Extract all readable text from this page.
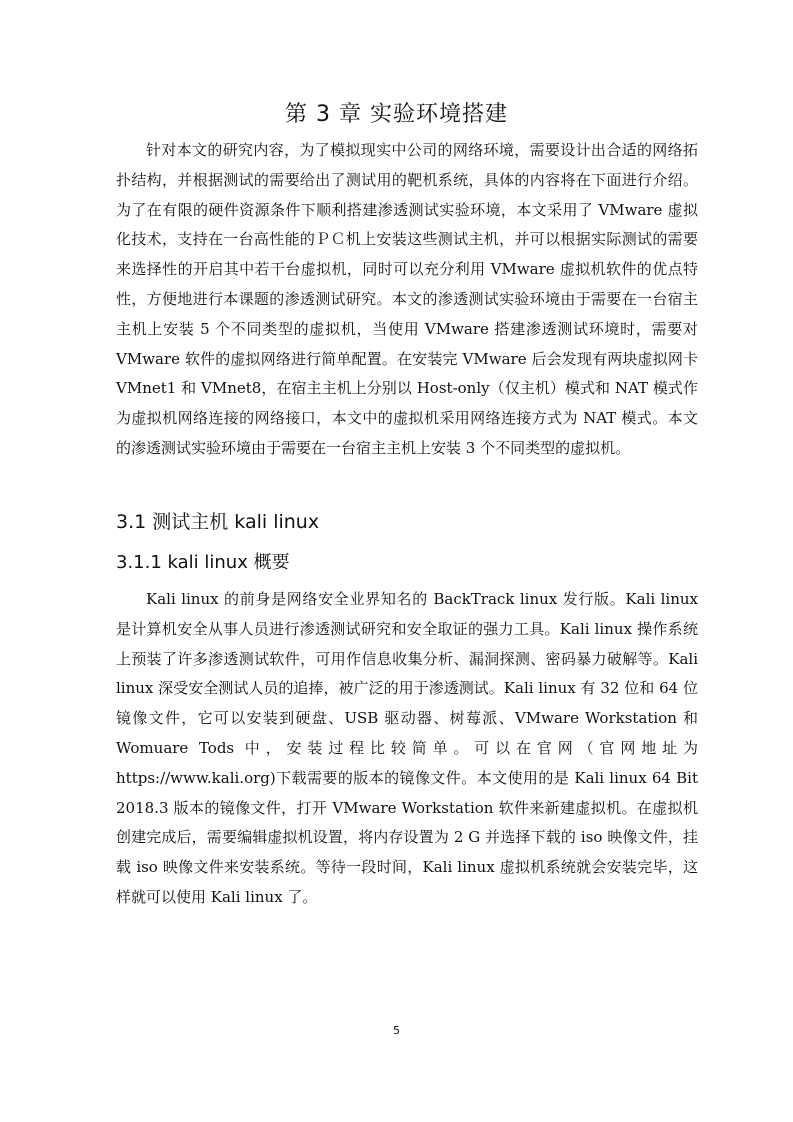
第 3 章 实验环境搭建

针对本文的研究内容，为了模拟现实中公司的网络环境，需要设计出合适的网络拓扑结构，并根据测试的需要给出了测试用的靶机系统，具体的内容将在下面进行介绍。为了在有限的硬件资源条件下顺利搭建渗透测试实验环境，本文采用了 VMware 虚拟化技术，支持在一台高性能的ＰＣ机上安装这些测试主机，并可以根据实际测试的需要来选择性的开启其中若干台虚拟机，同时可以充分利用 VMware 虚拟机软件的优点特性，方便地进行本课题的渗透测试研究。本文的渗透测试实验环境由于需要在一台宿主主机上安装 5 个不同类型的虚拟机，当使用 VMware 搭建渗透测试环境时，需要对 VMware 软件的虚拟网络进行简单配置。在安装完 VMware 后会发现有两块虚拟网卡 VMnet1 和 VMnet8，在宿主主机上分别以 Host-only（仅主机）模式和 NAT 模式作为虚拟机网络连接的网络接口，本文中的虚拟机采用网络连接方式为 NAT 模式。本文的渗透测试实验环境由于需要在一台宿主主机上安装 3 个不同类型的虚拟机。

3.1 测试主机 kali linux
3.1.1 kali linux 概要

Kali linux 的前身是网络安全业界知名的 BackTrack linux 发行版。Kali linux 是计算机安全从事人员进行渗透测试研究和安全取证的强力工具。Kali linux 操作系统上预装了许多渗透测试软件，可用作信息收集分析、漏洞探测、密码暴力破解等。Kali linux 深受安全测试人员的追捧，被广泛的用于渗透测试。Kali linux 有 32 位和 64 位镜像文件，它可以安装到硬盘、USB 驱动器、树莓派、VMware Workstation 和 Womuare Tods 中，安装过程比较简单。可以在官网（官网地址为 https://www.kali.org)下载需要的版本的镜像文件。本文使用的是 Kali linux 64 Bit 2018.3 版本的镜像文件，打开 VMware Workstation 软件来新建虚拟机。在虚拟机创建完成后，需要编辑虚拟机设置，将内存设置为 2 G 并选择下载的 iso 映像文件，挂载 iso 映像文件来安装系统。等待一段时间，Kali linux 虚拟机系统就会安装完毕，这样就可以使用 Kali linux 了。

5
